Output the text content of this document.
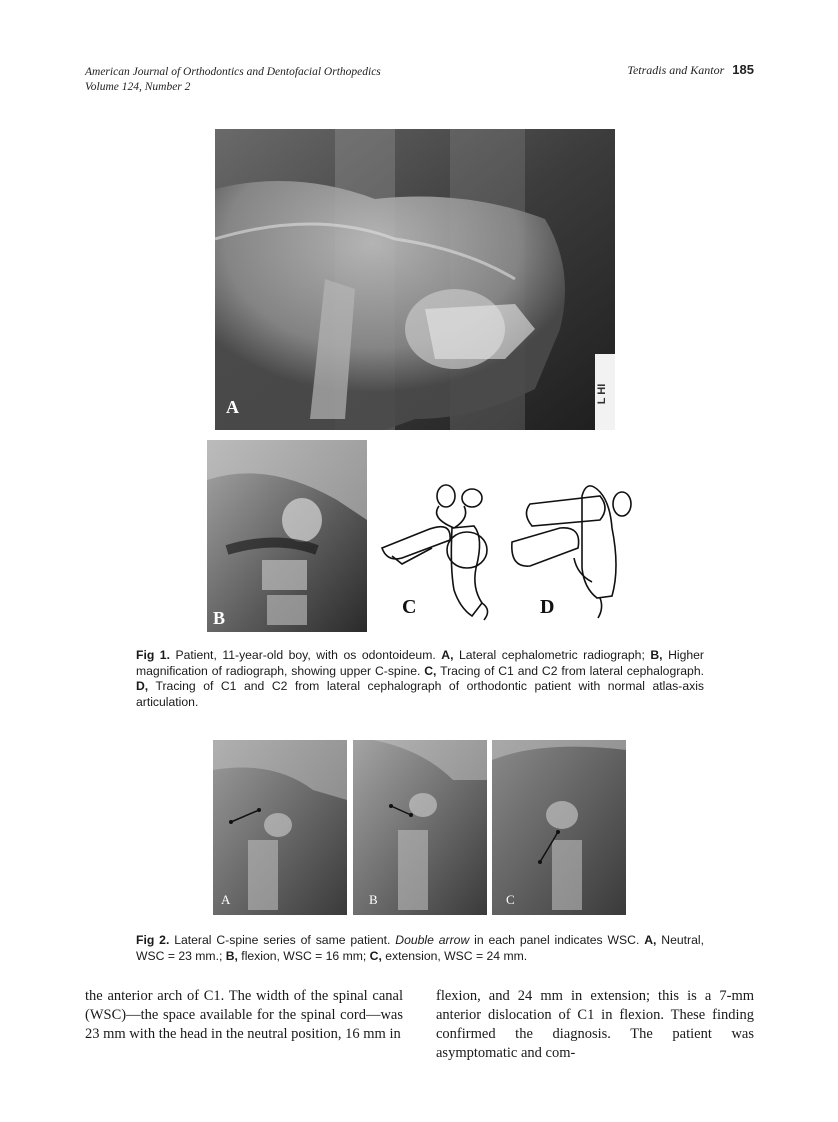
American Journal of Orthodontics and Dentofacial Orthopedics
Volume 124, Number 2
Tetradis and Kantor 185
L HI
A
B	C	D
Fig 1. Patient, 11-year-old boy, with os odontoideum. A, Lateral cephalometric radiograph; B, Higher magnification of radiograph, showing upper C-spine. C, Tracing of C1 and C2 from lateral cephalograph. D, Tracing of C1 and C2 from lateral cephalograph of orthodontic patient with normal atlas-axis articulation.
A	B	C
Fig 2. Lateral C-spine series of same patient. Double arrow in each panel indicates WSC. A, Neutral, WSC = 23 mm.; B, flexion, WSC = 16 mm; C, extension, WSC = 24 mm.
the anterior arch of C1. The width of the spinal canal (WSC)—the space available for the spinal cord—was 23 mm with the head in the neutral position, 16 mm in
flexion, and 24 mm in extension; this is a 7-mm anterior dislocation of C1 in flexion. These finding confirmed the diagnosis. The patient was asymptomatic and com-
